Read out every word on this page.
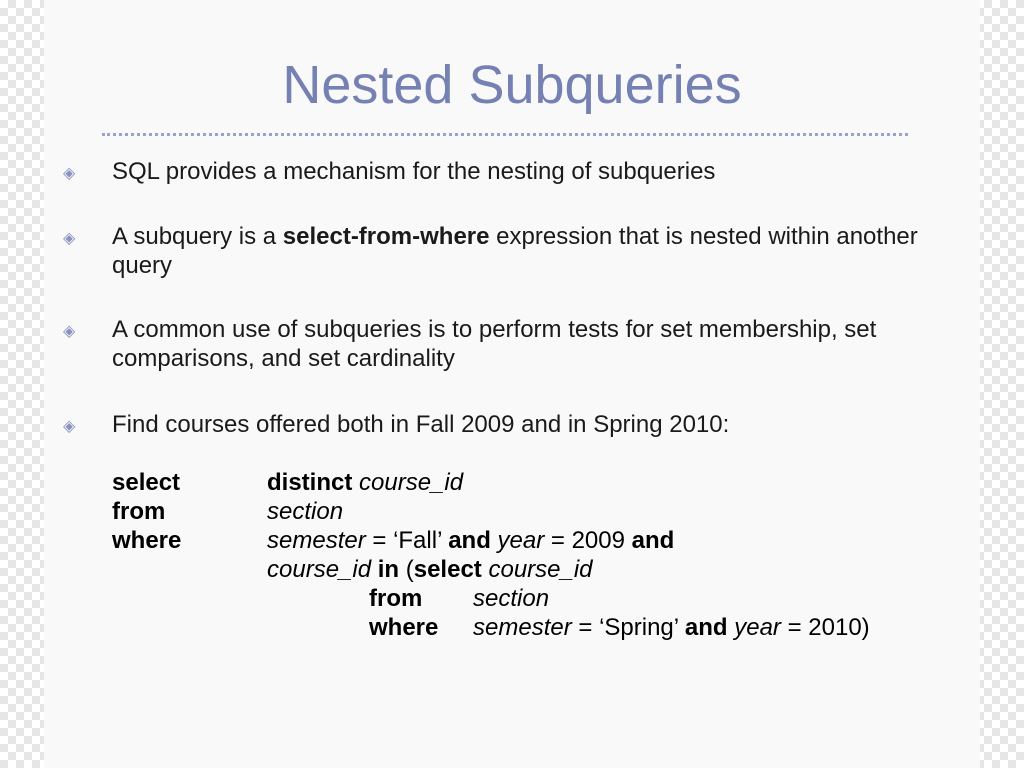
Nested Subqueries
◈ SQL provides a mechanism for the nesting of subqueries
◈ A subquery is a select-from-where expression that is nested within another query
◈ A common use of subqueries is to perform tests for set membership, set comparisons, and set cardinality
◈ Find courses offered both in Fall 2009 and in Spring 2010:
select	distinct course_id
from	section
where	semester = ‘Fall’ and year = 2009 and
course_id in (select course_id
from section
where semester = ‘Spring’ and year = 2010)
